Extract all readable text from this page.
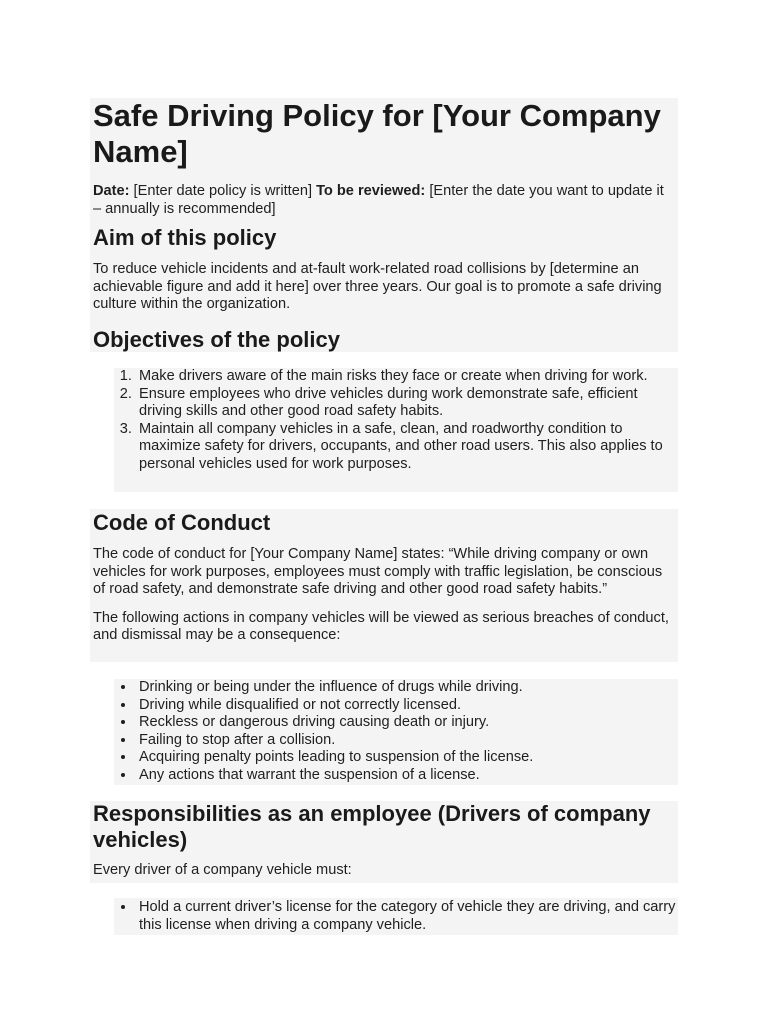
Safe Driving Policy for [Your Company Name]

Date: [Enter date policy is written] To be reviewed: [Enter the date you want to update it – annually is recommended]

Aim of this policy

To reduce vehicle incidents and at-fault work-related road collisions by [determine an achievable figure and add it here] over three years. Our goal is to promote a safe driving culture within the organization.

Objectives of the policy
1. Make drivers aware of the main risks they face or create when driving for work.
2. Ensure employees who drive vehicles during work demonstrate safe, efficient driving skills and other good road safety habits.
3. Maintain all company vehicles in a safe, clean, and roadworthy condition to maximize safety for drivers, occupants, and other road users. This also applies to personal vehicles used for work purposes.
Code of Conduct

The code of conduct for [Your Company Name] states: “While driving company or own vehicles for work purposes, employees must comply with traffic legislation, be conscious of road safety, and demonstrate safe driving and other good road safety habits.”

The following actions in company vehicles will be viewed as serious breaches of conduct, and dismissal may be a consequence:

• Drinking or being under the influence of drugs while driving.
• Driving while disqualified or not correctly licensed.
• Reckless or dangerous driving causing death or injury.
• Failing to stop after a collision.
• Acquiring penalty points leading to suspension of the license.
• Any actions that warrant the suspension of a license.
Responsibilities as an employee (Drivers of company vehicles)

Every driver of a company vehicle must:

• Hold a current driver’s license for the category of vehicle they are driving, and carry this license when driving a company vehicle.
